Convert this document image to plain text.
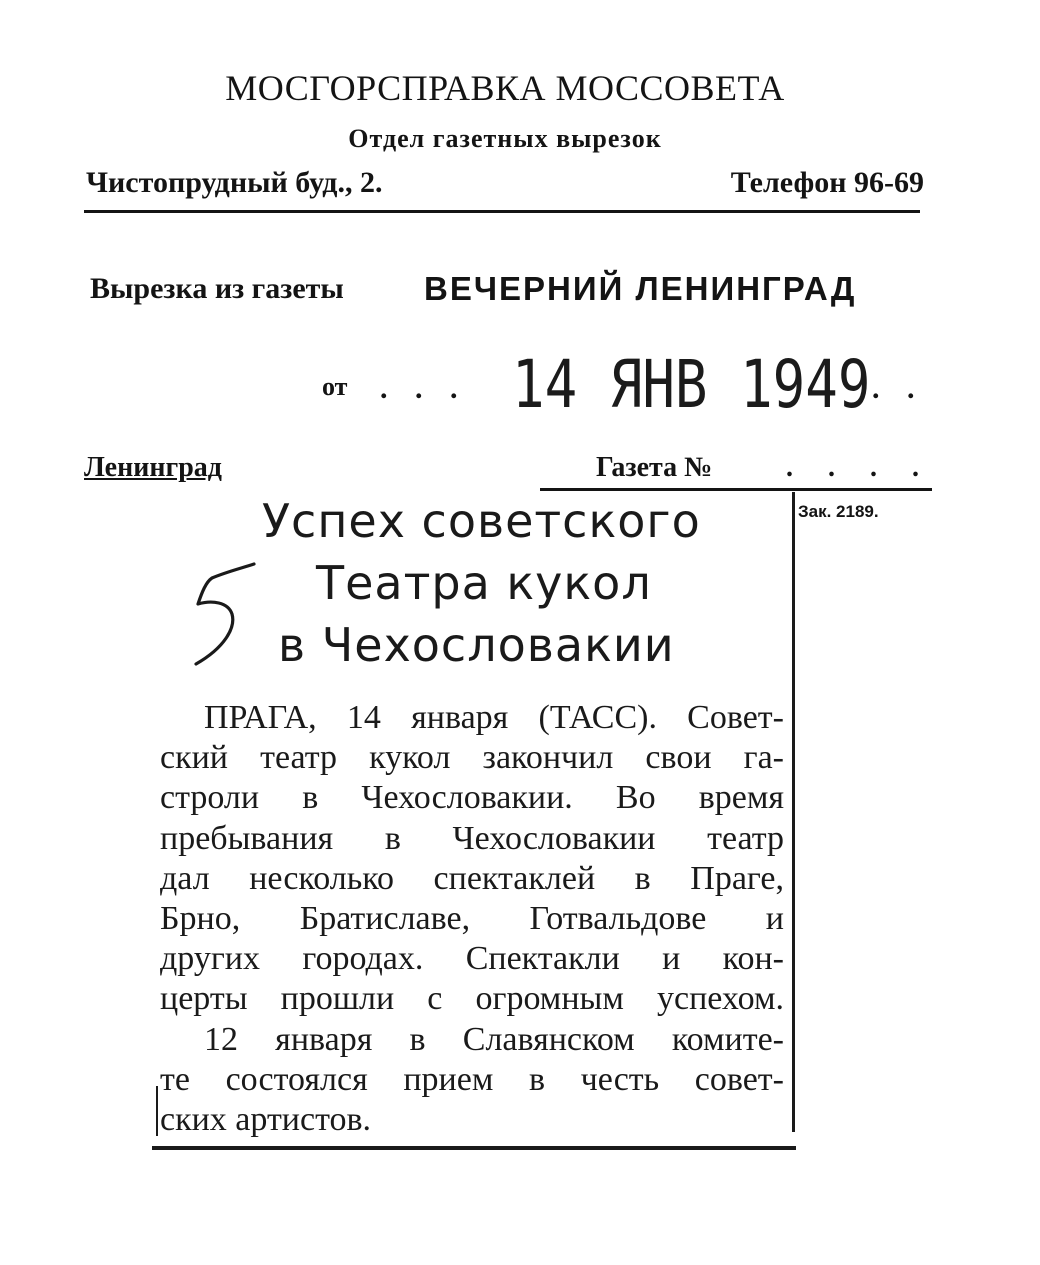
МОСГОРСПРАВКА МОССОВЕТА
Отдел газетных вырезок
Чистопрудный буд., 2.	Телефон 96-69
Вырезка из газеты ВЕЧЕРНИЙ ЛЕНИНГРАД
от . . . 14 ЯНВ 1949 . .
Ленинград	Газета №	. . . .
Зак. 2189.
Успех советского
Театра кукол
в Чехословакии
ПРАГА, 14 января (ТАСС). Совет-
ский театр кукол закончил свои га-
строли в Чехословакии. Во время
пребывания в Чехословакии театр
дал несколько спектаклей в Праге,
Брно, Братиславе, Готвальдове и
других городах. Спектакли и кон-
церты прошли с огромным успехом.
12 января в Славянском комите-
те состоялся прием в честь совет-
ских артистов.
